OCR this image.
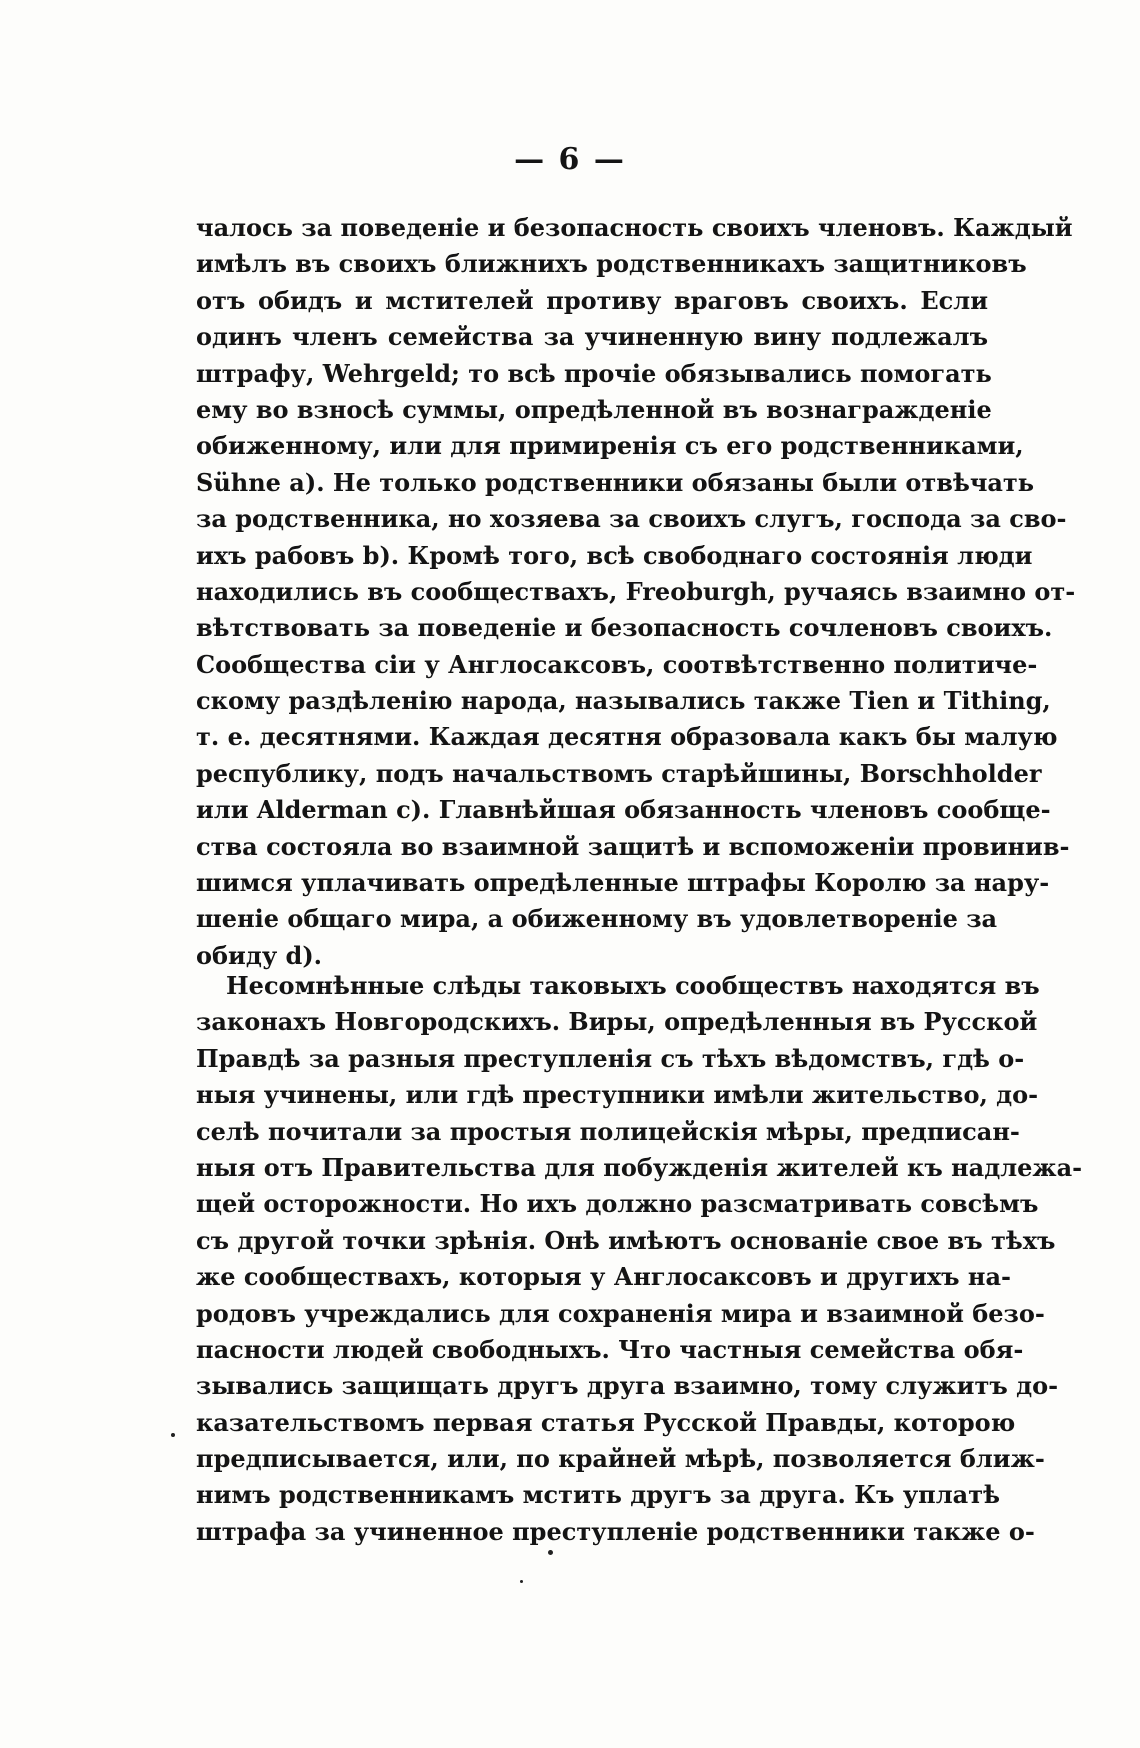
— 6 —
чалось за поведеніе и безопасность своихъ членовъ. Каждый
имѣлъ въ своихъ ближнихъ родственникахъ защитниковъ
отъ обидъ и мстителей противу враговъ своихъ. Если
одинъ членъ семейства за учиненную вину подлежалъ
штрафу, Wehrgeld; то всѣ прочіе обязывались помогать
ему во взносѣ суммы, опредѣленной въ вознагражденіе
обиженному, или для примиренія съ его родственниками,
Sühne a). Не только родственники обязаны были отвѣчать
за родственника, но хозяева за своихъ слугъ, господа за сво-
ихъ рабовъ b). Кромѣ того, всѣ свободнаго состоянія люди
находились въ сообществахъ, Freoburgh, ручаясь взаимно от-
вѣтствовать за поведеніе и безопасность сочленовъ своихъ.
Сообщества сіи у Англосаксовъ, соотвѣтственно политиче-
скому раздѣленію народа, назывались также Tien и Tithing,
т. е. десятнями. Каждая десятня образовала какъ бы малую
республику, подъ начальствомъ старѣйшины, Borschholder
или Alderman c). Главнѣйшая обязанность членовъ сообще-
ства состояла во взаимной защитѣ и вспоможеніи провинив-
шимся уплачивать опредѣленные штрафы Королю за нару-
шеніе общаго мира, а обиженному въ удовлетвореніе за
обиду d).
Несомнѣнные слѣды таковыхъ сообществъ находятся въ
законахъ Новгородскихъ. Виры, опредѣленныя въ Русской
Правдѣ за разныя преступленія съ тѣхъ вѣдомствъ, гдѣ о-
ныя учинены, или гдѣ преступники имѣли жительство, до-
селѣ почитали за простыя полицейскія мѣры, предписан-
ныя отъ Правительства для побужденія жителей къ надлежа-
щей осторожности. Но ихъ должно разсматривать совсѣмъ
съ другой точки зрѣнія. Онѣ имѣютъ основаніе свое въ тѣхъ
же сообществахъ, которыя у Англосаксовъ и другихъ на-
родовъ учреждались для сохраненія мира и взаимной безо-
пасности людей свободныхъ. Что частныя семейства обя-
зывались защищать другъ друга взаимно, тому служитъ до-
казательствомъ первая статья Русской Правды, которою
предписывается, или, по крайней мѣрѣ, позволяется ближ-
нимъ родственникамъ мстить другъ за друга. Къ уплатѣ
штрафа за учиненное преступленіе родственники также о-
